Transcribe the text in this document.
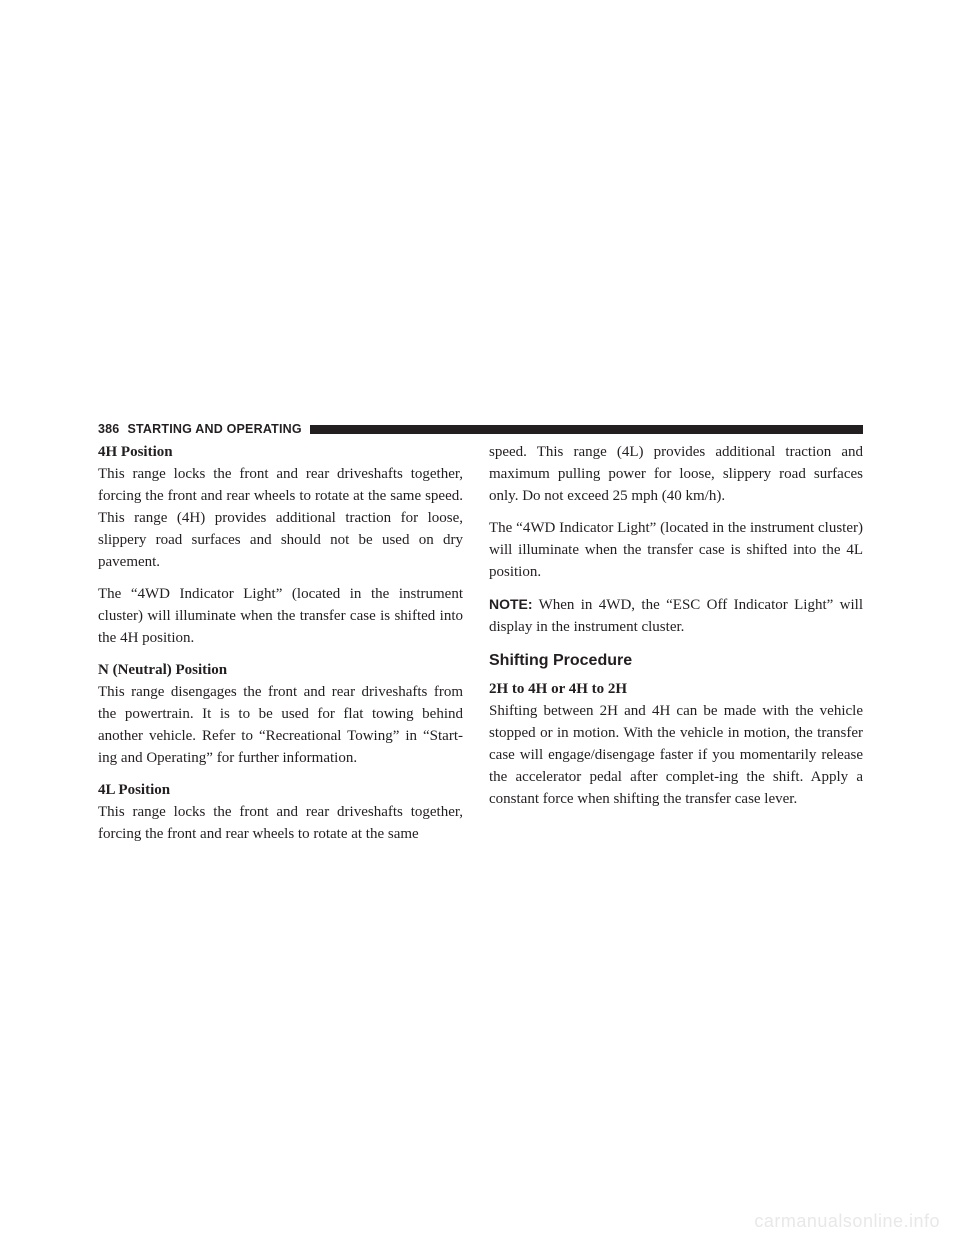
386 STARTING AND OPERATING
4H Position

This range locks the front and rear driveshafts together, forcing the front and rear wheels to rotate at the same speed. This range (4H) provides additional traction for loose, slippery road surfaces and should not be used on dry pavement.

The “4WD Indicator Light” (located in the instrument cluster) will illuminate when the transfer case is shifted into the 4H position.

N (Neutral) Position

This range disengages the front and rear driveshafts from the powertrain. It is to be used for flat towing behind another vehicle. Refer to “Recreational Towing” in “Start-ing and Operating” for further information.

4L Position

This range locks the front and rear driveshafts together, forcing the front and rear wheels to rotate at the same

speed. This range (4L) provides additional traction and maximum pulling power for loose, slippery road surfaces only. Do not exceed 25 mph (40 km/h).

The “4WD Indicator Light” (located in the instrument cluster) will illuminate when the transfer case is shifted into the 4L position.

NOTE: When in 4WD, the “ESC Off Indicator Light” will display in the instrument cluster.

Shifting Procedure
2H to 4H or 4H to 2H

Shifting between 2H and 4H can be made with the vehicle stopped or in motion. With the vehicle in motion, the transfer case will engage/disengage faster if you momentarily release the accelerator pedal after complet-ing the shift. Apply a constant force when shifting the transfer case lever.

carmanualsonline.info
